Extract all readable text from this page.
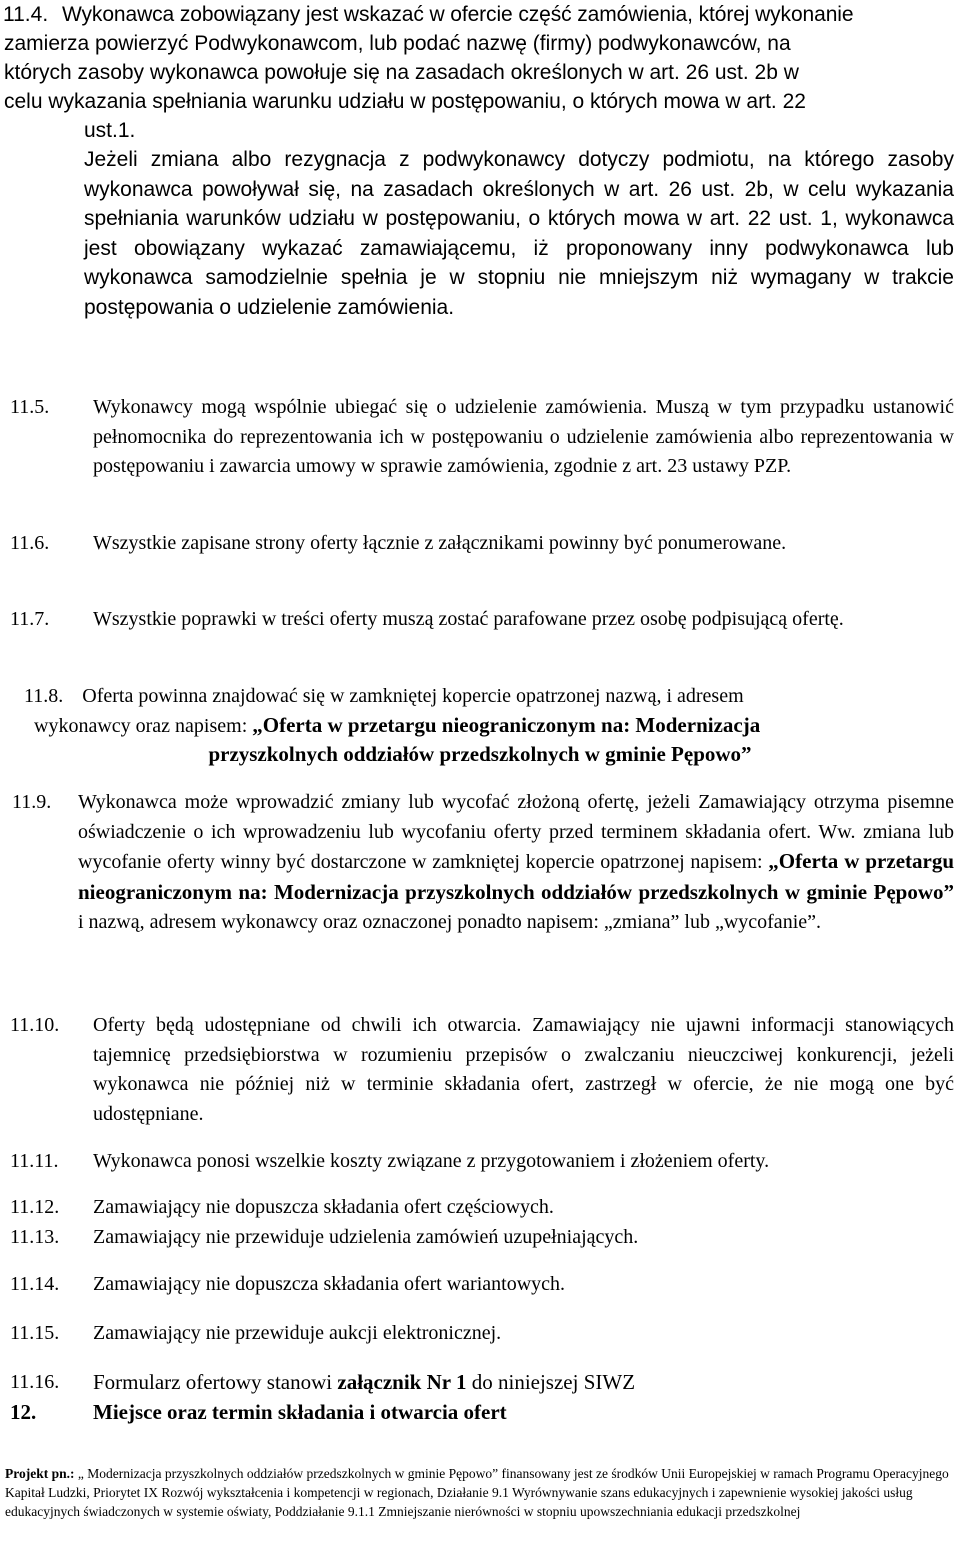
11.4. Wykonawca zobowiązany jest wskazać w ofercie część zamówienia, której wykonanie
zamierza powierzyć Podwykonawcom, lub podać nazwę (firmy) podwykonawców, na
których zasoby wykonawca powołuje się na zasadach określonych w art. 26 ust. 2b w
celu wykazania spełniania warunku udziału w postępowaniu, o których mowa w art. 22
ust.1.
Jeżeli zmiana albo rezygnacja z podwykonawcy dotyczy podmiotu, na którego zasoby wykonawca powoływał się, na zasadach określonych w art. 26 ust. 2b, w celu wykazania spełniania warunków udziału w postępowaniu, o których mowa w art. 22 ust. 1, wykonawca jest obowiązany wykazać zamawiającemu, iż proponowany inny podwykonawca lub wykonawca samodzielnie spełnia je w stopniu nie mniejszym niż wymagany w trakcie postępowania o udzielenie zamówienia.
11.5. Wykonawcy mogą wspólnie ubiegać się o udzielenie zamówienia. Muszą w tym przypadku ustanowić pełnomocnika do reprezentowania ich w postępowaniu o udzielenie zamówienia albo reprezentowania w postępowaniu i zawarcia umowy w sprawie zamówienia, zgodnie z art. 23 ustawy PZP.
11.6. Wszystkie zapisane strony oferty łącznie z załącznikami powinny być ponumerowane.
11.7. Wszystkie poprawki w treści oferty muszą zostać parafowane przez osobę podpisującą ofertę.
11.8. Oferta powinna znajdować się w zamkniętej kopercie opatrzonej nazwą, i adresem
wykonawcy oraz napisem: „Oferta w przetargu nieograniczonym na: Modernizacja
przyszkolnych oddziałów przedszkolnych w gminie Pępowo”
11.9. Wykonawca może wprowadzić zmiany lub wycofać złożoną ofertę, jeżeli Zamawiający otrzyma pisemne oświadczenie o ich wprowadzeniu lub wycofaniu oferty przed terminem składania ofert. Ww. zmiana lub wycofanie oferty winny być dostarczone w zamkniętej kopercie opatrzonej napisem: „Oferta w przetargu nieograniczonym na: Modernizacja przyszkolnych oddziałów przedszkolnych w gminie Pępowo” i nazwą, adresem wykonawcy oraz oznaczonej ponadto napisem: „zmiana” lub „wycofanie”.
11.10. Oferty będą udostępniane od chwili ich otwarcia. Zamawiający nie ujawni informacji stanowiących tajemnicę przedsiębiorstwa w rozumieniu przepisów o zwalczaniu nieuczciwej konkurencji, jeżeli wykonawca nie później niż w terminie składania ofert, zastrzegł w ofercie, że nie mogą one być udostępniane.
11.11. Wykonawca ponosi wszelkie koszty związane z przygotowaniem i złożeniem oferty.
11.12. Zamawiający nie dopuszcza składania ofert częściowych.
11.13. Zamawiający nie przewiduje udzielenia zamówień uzupełniających.
11.14. Zamawiający nie dopuszcza składania ofert wariantowych.
11.15. Zamawiający nie przewiduje aukcji elektronicznej.
11.16. Formularz ofertowy stanowi załącznik Nr 1 do niniejszej SIWZ
12.	Miejsce oraz termin składania i otwarcia ofert
Projekt pn.: „ Modernizacja przyszkolnych oddziałów przedszkolnych w gminie Pępowo” finansowany jest ze środków Unii Europejskiej w ramach Programu Operacyjnego Kapitał Ludzki, Priorytet IX Rozwój wykształcenia i kompetencji w regionach, Działanie 9.1 Wyrównywanie szans edukacyjnych i zapewnienie wysokiej jakości usług edukacyjnych świadczonych w systemie oświaty, Poddziałanie 9.1.1 Zmniejszanie nierówności w stopniu upowszechniania edukacji przedszkolnej
